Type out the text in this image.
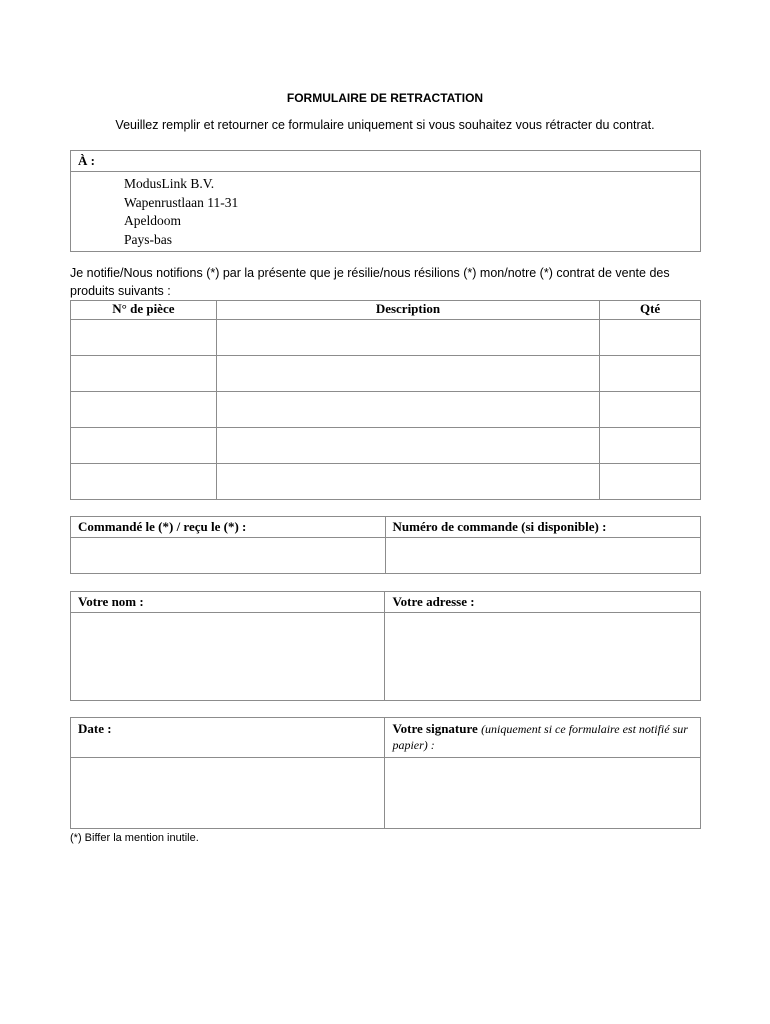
FORMULAIRE DE RETRACTATION
Veuillez remplir et retourner ce formulaire uniquement si vous souhaitez vous rétracter du contrat.
À :

ModusLink B.V.
Wapenrustlaan 11-31
Apeldoom
Pays-bas
Je notifie/Nous notifions (*) par la présente que je résilie/nous résilions (*) mon/notre (*) contrat de vente des produits suivants :
N° de pièce	Description	Qté

Commandé le (*) / reçu le (*) :	Numéro de commande (si disponible) :

Votre nom :	Votre adresse :

Date :	Votre signature (uniquement si ce formulaire est notifié sur papier) :

(*) Biffer la mention inutile.
